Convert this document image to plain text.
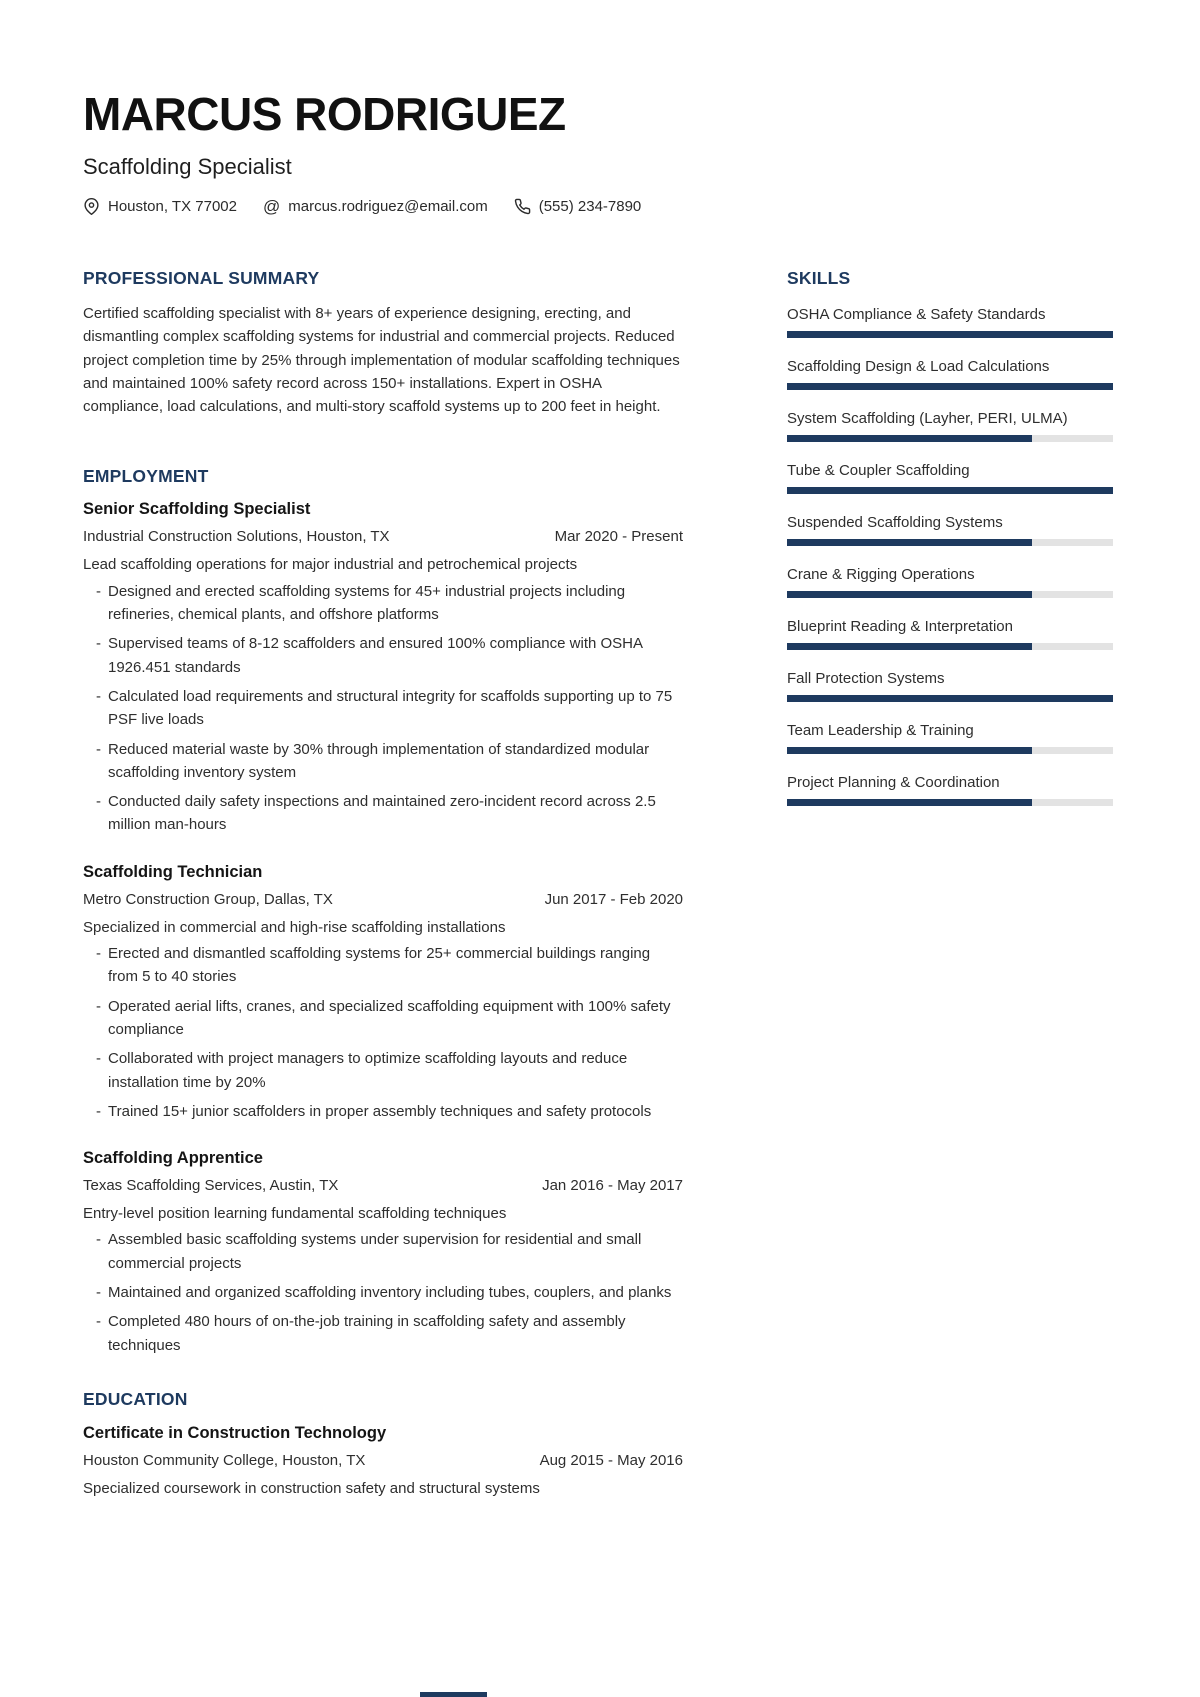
MARCUS RODRIGUEZ
Scaffolding Specialist
Houston, TX 77002 @ marcus.rodriguez@email.com	(555) 234-7890
PROFESSIONAL SUMMARY

Certified scaffolding specialist with 8+ years of experience designing, erecting, and dismantling complex scaffolding systems for industrial and commercial projects. Reduced project completion time by 25% through implementation of modular scaffolding techniques and maintained 100% safety record across 150+ installations. Expert in OSHA compliance, load calculations, and multi-story scaffold systems up to 200 feet in height.

EMPLOYMENT
Senior Scaffolding Specialist
Industrial Construction Solutions, Houston, TX	Mar 2020 - Present

Lead scaffolding operations for major industrial and petrochemical projects

- Designed and erected scaffolding systems for 45+ industrial projects including refineries, chemical plants, and offshore platforms
- Supervised teams of 8-12 scaffolders and ensured 100% compliance with OSHA 1926.451 standards
- Calculated load requirements and structural integrity for scaffolds supporting up to 75 PSF live loads
- Reduced material waste by 30% through implementation of standardized modular scaffolding inventory system
- Conducted daily safety inspections and maintained zero-incident record across 2.5 million man-hours
Scaffolding Technician
Metro Construction Group, Dallas, TX	Jun 2017 - Feb 2020

Specialized in commercial and high-rise scaffolding installations

- Erected and dismantled scaffolding systems for 25+ commercial buildings ranging from 5 to 40 stories
- Operated aerial lifts, cranes, and specialized scaffolding equipment with 100% safety compliance
- Collaborated with project managers to optimize scaffolding layouts and reduce installation time by 20%
- Trained 15+ junior scaffolders in proper assembly techniques and safety protocols
Scaffolding Apprentice
Texas Scaffolding Services, Austin, TX	Jan 2016 - May 2017

Entry-level position learning fundamental scaffolding techniques

- Assembled basic scaffolding systems under supervision for residential and small commercial projects
- Maintained and organized scaffolding inventory including tubes, couplers, and planks
- Completed 480 hours of on-the-job training in scaffolding safety and assembly techniques
EDUCATION
Certificate in Construction Technology
Houston Community College, Houston, TX	Aug 2015 - May 2016

Specialized coursework in construction safety and structural systems

SKILLS
OSHA Compliance & Safety Standards
Scaffolding Design & Load Calculations
System Scaffolding (Layher, PERI, ULMA)
Tube & Coupler Scaffolding
Suspended Scaffolding Systems
Crane & Rigging Operations
Blueprint Reading & Interpretation
Fall Protection Systems
Team Leadership & Training
Project Planning & Coordination
